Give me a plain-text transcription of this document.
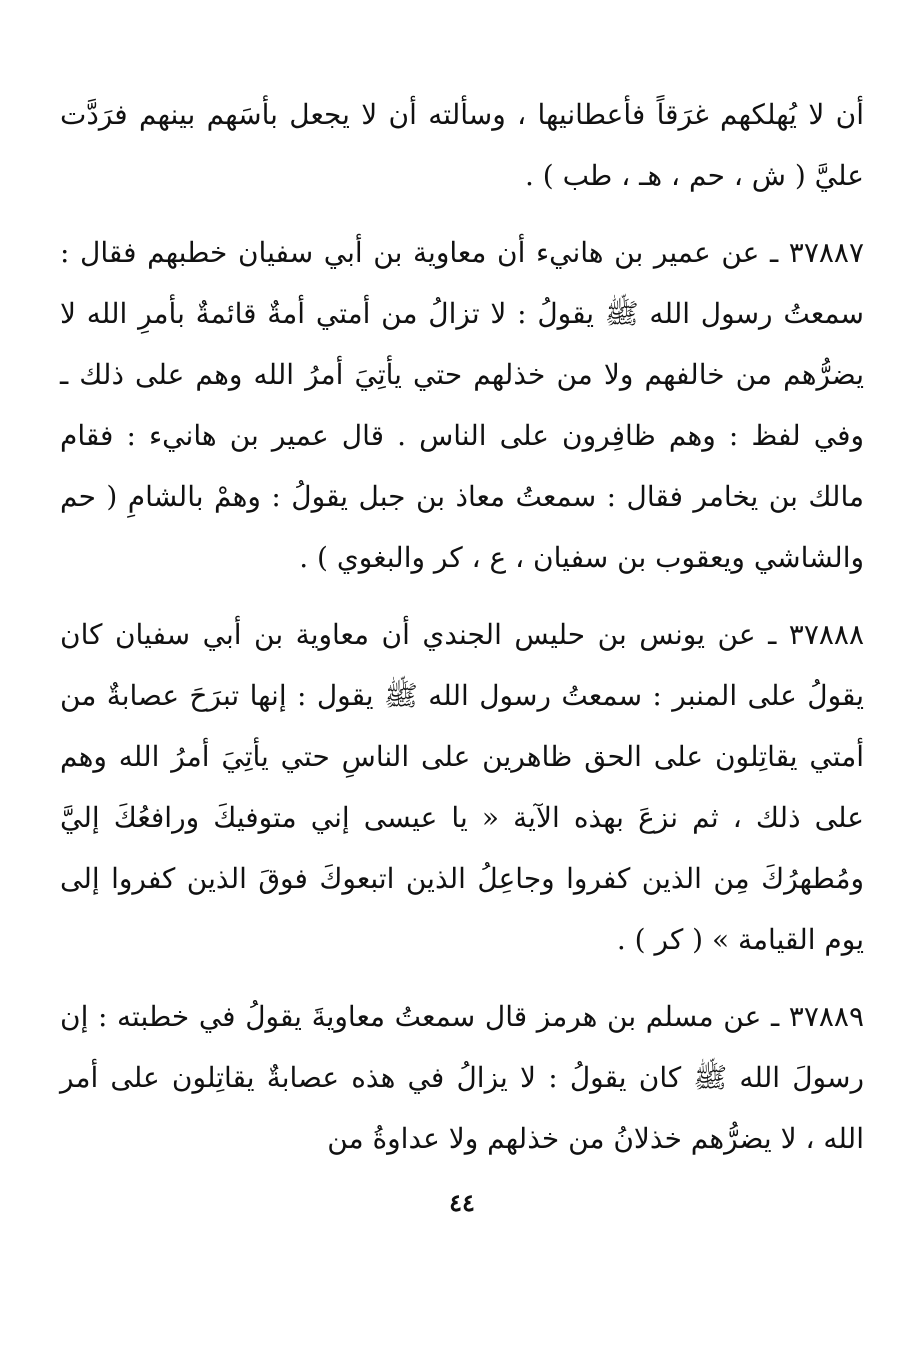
أن لا يُهلكهم غرَقاً فأعطانيها ، وسألته أن لا يجعل بأسَهم بينهم فرَدَّت عليَّ ( ش ، حم ، هـ ، طب ) .

٣٧٨٨٧ ـ عن عمير بن هانيء أن معاوية بن أبي سفيان خطبهم فقال : سمعتُ رسول الله ﷺ يقولُ : لا تزالُ من أمتي أمةٌ قائمةٌ بأمرِ الله لا يضرُّهم من خالفهم ولا من خذلهم حتي يأتِيَ أمرُ الله وهم على ذلك ـ وفي لفظ : وهم ظافِرون على الناس . قال عمير بن هانيء : فقام مالك بن يخامر فقال : سمعتُ معاذ بن جبل يقولُ : وهمْ بالشامِ ( حم والشاشي ويعقوب بن سفيان ، ع ، كر والبغوي ) .

٣٧٨٨٨ ـ عن يونس بن حليس الجندي أن معاوية بن أبي سفيان كان يقولُ على المنبر : سمعتُ رسول الله ﷺ يقول : إنها تبرَحَ عصابةٌ من أمتي يقاتِلون على الحق ظاهرين على الناسِ حتي يأتِيَ أمرُ الله وهم على ذلك ، ثم نزعَ بهذه الآية « يا عيسى إني متوفيكَ ورافعُكَ إليَّ ومُطهرُكَ مِن الذين كفروا وجاعِلُ الذين اتبعوكَ فوقَ الذين كفروا إلى يوم القيامة » ( كر ) .

٣٧٨٨٩ ـ عن مسلم بن هرمز قال سمعتُ معاويةَ يقولُ في خطبته : إن رسولَ الله ﷺ كان يقولُ : لا يزالُ في هذه عصابةٌ يقاتِلون على أمر الله ، لا يضرُّهم خذلانُ من خذلهم ولا عداوةُ من

٤٤
